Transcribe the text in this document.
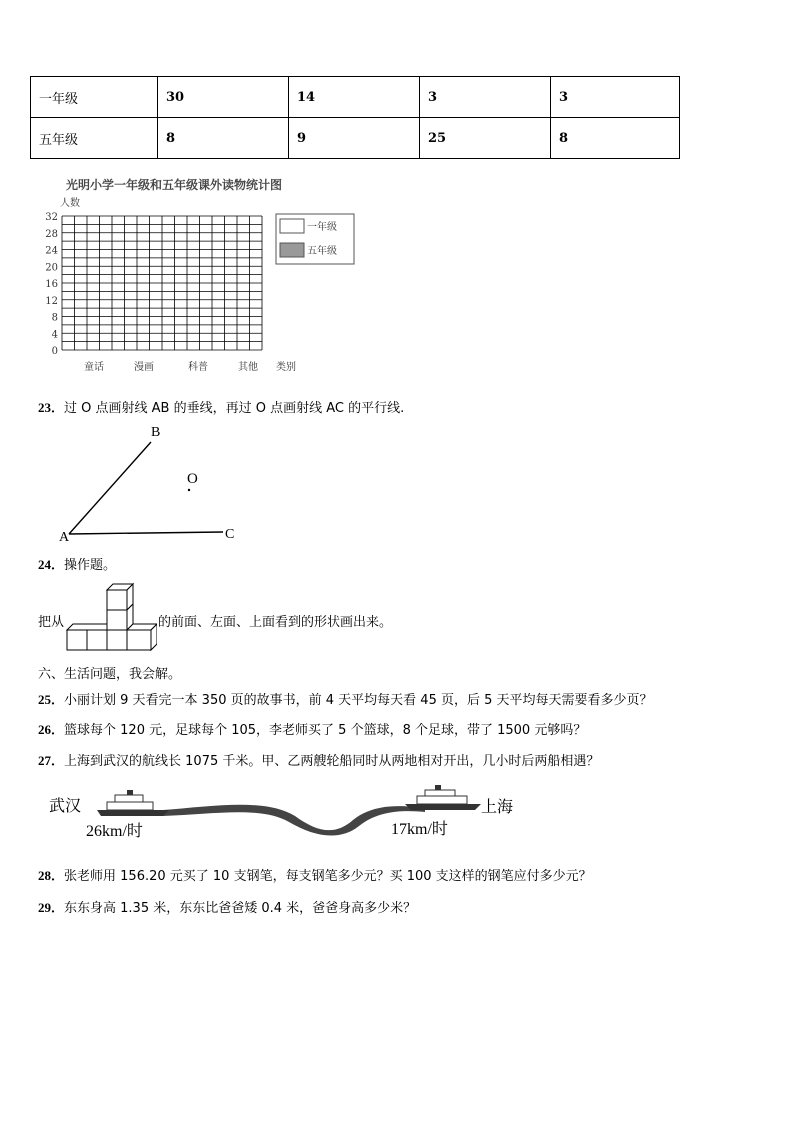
一年级	30	14	3	3
五年级	8	9	25	8
光明小学一年级和五年级课外读物统计图
人数
0
4
8
12
16
20
24
28
32
童话	漫画	科普	其他 类别
一年级
五年级
23．过 O 点画射线 AB 的垂线，再过 O 点画射线 AC 的平行线.
B
O
A	C
24．操作题。
把从	的前面、左面、上面看到的形状画出来。
六、生活问题，我会解。
25．小丽计划 9 天看完一本 350 页的故事书，前 4 天平均每天看 45 页，后 5 天平均每天需要看多少页？
26．篮球每个 120 元，足球每个 105，李老师买了 5 个篮球，8 个足球，带了 1500 元够吗？
27．上海到武汉的航线长 1075 千米。甲、乙两艘轮船同时从两地相对开出，几小时后两船相遇？
武汉	上海
26km/时	17km/时
28．张老师用 156.20 元买了 10 支钢笔，每支钢笔多少元？买 100 支这样的钢笔应付多少元？
29．东东身高 1.35 米，东东比爸爸矮 0.4 米，爸爸身高多少米？
